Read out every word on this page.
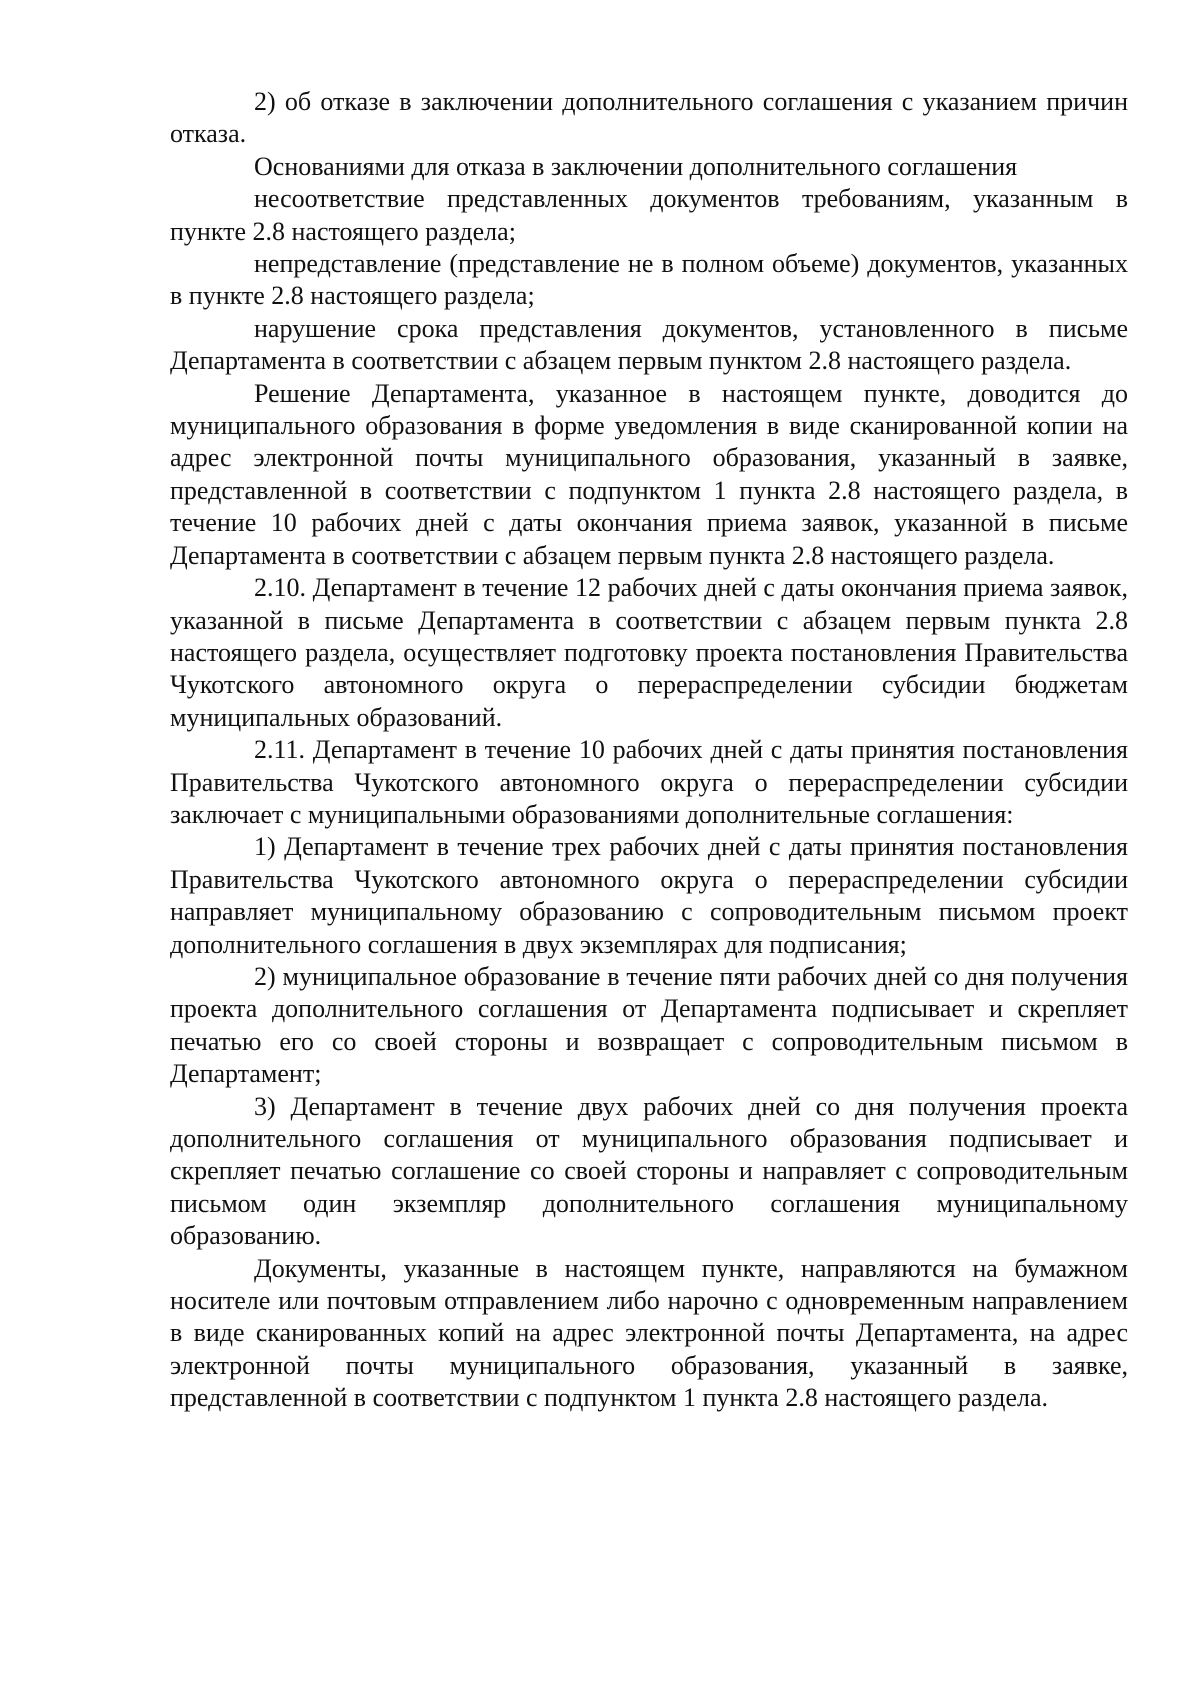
2) об отказе в заключении дополнительного соглашения с указанием причин отказа.

Основаниями для отказа в заключении дополнительного соглашения

несоответствие представленных документов требованиям, указанным в пункте 2.8 настоящего раздела;

непредставление (представление не в полном объеме) документов, указанных в пункте 2.8 настоящего раздела;

нарушение срока представления документов, установленного в письме Департамента в соответствии с абзацем первым пунктом 2.8 настоящего раздела.

Решение Департамента, указанное в настоящем пункте, доводится до муниципального образования в форме уведомления в виде сканированной копии на адрес электронной почты муниципального образования, указанный в заявке, представленной в соответствии с подпунктом 1 пункта 2.8 настоящего раздела, в течение 10 рабочих дней с даты окончания приема заявок, указанной в письме Департамента в соответствии с абзацем первым пункта 2.8 настоящего раздела.

2.10. Департамент в течение 12 рабочих дней с даты окончания приема заявок, указанной в письме Департамента в соответствии с абзацем первым пункта 2.8 настоящего раздела, осуществляет подготовку проекта постановления Правительства Чукотского автономного округа о перераспределении субсидии бюджетам муниципальных образований.

2.11. Департамент в течение 10 рабочих дней с даты принятия постановления Правительства Чукотского автономного округа о перераспределении субсидии заключает с муниципальными образованиями дополнительные соглашения:

1) Департамент в течение трех рабочих дней с даты принятия постановления Правительства Чукотского автономного округа о перераспределении субсидии направляет муниципальному образованию с сопроводительным письмом проект дополнительного соглашения в двух экземплярах для подписания;

2) муниципальное образование в течение пяти рабочих дней со дня получения проекта дополнительного соглашения от Департамента подписывает и скрепляет печатью его со своей стороны и возвращает с сопроводительным письмом в Департамент;

3) Департамент в течение двух рабочих дней со дня получения проекта дополнительного соглашения от муниципального образования подписывает и скрепляет печатью соглашение со своей стороны и направляет с сопроводительным письмом один экземпляр дополнительного соглашения муниципальному образованию.

Документы, указанные в настоящем пункте, направляются на бумажном носителе или почтовым отправлением либо нарочно с одновременным направлением в виде сканированных копий на адрес электронной почты Департамента, на адрес электронной почты муниципального образования, указанный в заявке, представленной в соответствии с подпунктом 1 пункта 2.8 настоящего раздела.
